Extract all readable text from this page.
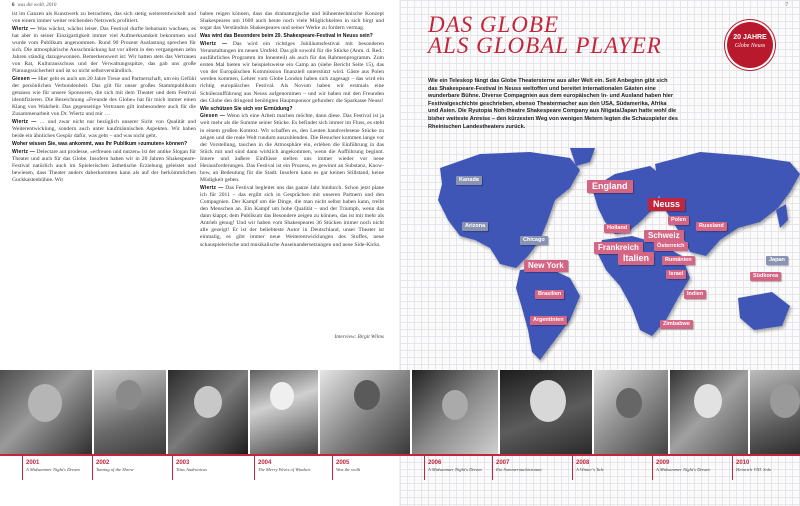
6 was die wollt. 2010

ist im Ganzen als Kunstwerk zu betrachten, das sich stetig weiterentwickelt und von einem immer weiter reichenden Netzwerk profitiert.

Wiertz — Was wächst, wächst leiser. Das Festival durfte behutsam wachsen, es hat aber in seiner Einzigartigkeit immer viel Aufmerksamkeit bekommen und wurde vom Publikum angenommen. Rund 90 Prozent Auslastung sprechen für sich. Die atmosphärische Ausschmückung hat vor allem in den vergangenen zehn Jahren ständig dazugewonnen. Bemerkenswert ist: Wir hatten stets das Vertrauen von Rat, Kulturausschuss und der Verwaltungsspitze, das gab uns große Planungssicherheit und ist so nicht selbstverständlich.

Giesen — Hier geht es auch um 20 Jahre Treue und Partnerschaft, um ein Gefühl der persönlichen Verbundenheit. Das gilt für unser großes Stammpublikum genauso wie für unsere Sponsoren, die sich mit dem Theater und dem Festival identifizieren. Die Bezeichnung »Freunde des Globe« hat für mich immer einen Klang von Wahrheit. Das gegenseitige Vertrauen gilt insbesondere auch für die Zusammenarbeit von Dr. Wiertz und mir …

Wiertz — … und zwar nicht nur bezüglich unserer Sicht von Qualität und Weiterentwicklung, sondern auch unter kaufmännischen Aspekten. Wir haben beide ein ähnliches Gespür dafür, was geht – und was nicht geht.

Woher wissen Sie, was ankommt, was Ihr Publikum »zumuten« können?

Wiertz — Delectare aut prodesse, »erfreuen und nutzen« ist der antike Slogan für Theater und auch für das Globe. Insofern haben wir in 20 Jahren Shakespeare-Festival natürlich auch im Spielerischen ästhetische Erziehung geleistet und bewiesen, dass Theater anders daherkommen kann als auf der herkömmlichen Guckkastenbühne. Wir

haben reigen können, dass das dramaturgische und bühnentechnische Konzept Shakespeares um 1600 auch heute noch viele Möglichkeiten in sich birgt und sogar das Verständnis Shakespeares und seiner Werke zu fordern vermag.

Was wird das Besondere beim 20. Shakespeare-Festival in Neuss sein?

Wiertz — Das wird ein richtiges Jubiläumsfestival mit besonderen Veranstaltungen im neuen Umfeld. Das gilt sowohl für die Stücke (Anm. d. Red.: ausführliches Programm im Innenteil) als auch für das Rahmenprogramm. Zum ersten Mal bieten wir beispielsweise ein Camp an (siehe Bericht Seite 15), das von der Europäischen Kommission finanziell unterstützt wird. Gäste aus Polen werden kommen, Lehrer vom Globe London haben sich zugesagt – das wird ein richtig europäisches Festival. Als Novum haben wir erstmals eine Schüleraufführung aus Neuss aufgenommen – und wir haben mit den Freunden des Globe den dringend benötigten Hauptsponsor gefunden: die Sparkasse Neuss!

Wie schützen Sie sich vor Ermüdung?

Giesen — Wenn ich eine Arbeit machen möchte, dann diese. Das Festival ist ja weit mehr als die Summe seiner Stücke. Es befindet sich immer im Fluss, es steht in einem großen Kontext. Wir schaffen es, den Leuten handverlesene Stücke zu zeigen und die reale Welt rundum auszublenden. Die Besucher kommen lange vor der Vorstellung, tauchen in die Atmosphäre ein, erleben die Einführung in das Stück mit und sind dann wirklich angekommen, wenn die Aufführung beginnt. Innere und äußere Einflüsse stellen uns immer wieder vor neue Herausforderungen. Das Festival ist ein Prozess, es gewinnt an Substanz, Know-how, an Bedeutung für die Stadt. Insofern kann es gar keinen Stillstand, keine Müdigkeit geben.

Wiertz — Das Festival begleitet uns das ganze Jahr hindurch. Schon jetzt plane ich für 2011 – das ergibt sich in Gesprächen mit unseren Partnern und den Compagnien. Der Kampf um die Dinge, die man nicht selbst haben kann, treibt den Menschen an. Ein Kampf um hohe Qualität – und der Triumph, wenn das dann klappt; dem Publikum das Besondere zeigen zu können, das ist mir mehr als Antrieb genug! Und wir haben vom Shakespeares 36 Stücken immer noch nicht alle gezeigt! Er ist der beliebteste Autor in Deutschland, unser Theater ist einmalig, es gibt immer neue Weiterentwicklungen des Stoffes, neue schauspielerische und musikalische Auseinandersetzungen und neue Side-Kicks.

Interview: Birgit Wilms
7
DAS GLOBE
ALS GLOBAL PLAYER	20 JAHRE
Globe Neuss
Wie ein Teleskop fängt das Globe Theatersterne aus aller Welt ein. Seit Anbeginn gibt sich das Shakespeare-Festival in Neuss weltoffen und bereitet internationalen Gästen eine wunderbare Bühne. Diverse Compagnien aus dem europäischen In- und Ausland haben hier Festivalgeschichte geschrieben, ebenso Theatermacher aus den USA, Südamerika, Afrika und Asien. Die Ryutopia Noh-theatre Shakespeare Company aus Niigata/Japan hatte wohl die bisher weiteste Anreise – den kürzesten Weg von wenigen Metern legten die Schauspieler des Rheinischen Landestheaters zurück.
Kanada
Chicago
Arizona
New York
Brasilien
Argentinien
England
Neuss
Holland
Polen
Russland
Frankreich
Schweiz
Österreich
Italien	Rumänien
Israel
Indien
Japan
Südkorea
Zimbabwe
2001
A Midsummer Night's Dream
2002
Taming of the Shrew
2003
Titus Andronicus
2004
The Merry Wives of Windsor
2005
Was ihr wollt
2006
A Midsummer Night's Dream
2007
Ein Sommernachtstraum
2008
A Winter's Tale
2009
A Midsummer Night's Dream
2010
Heinrich VIII. Solo
